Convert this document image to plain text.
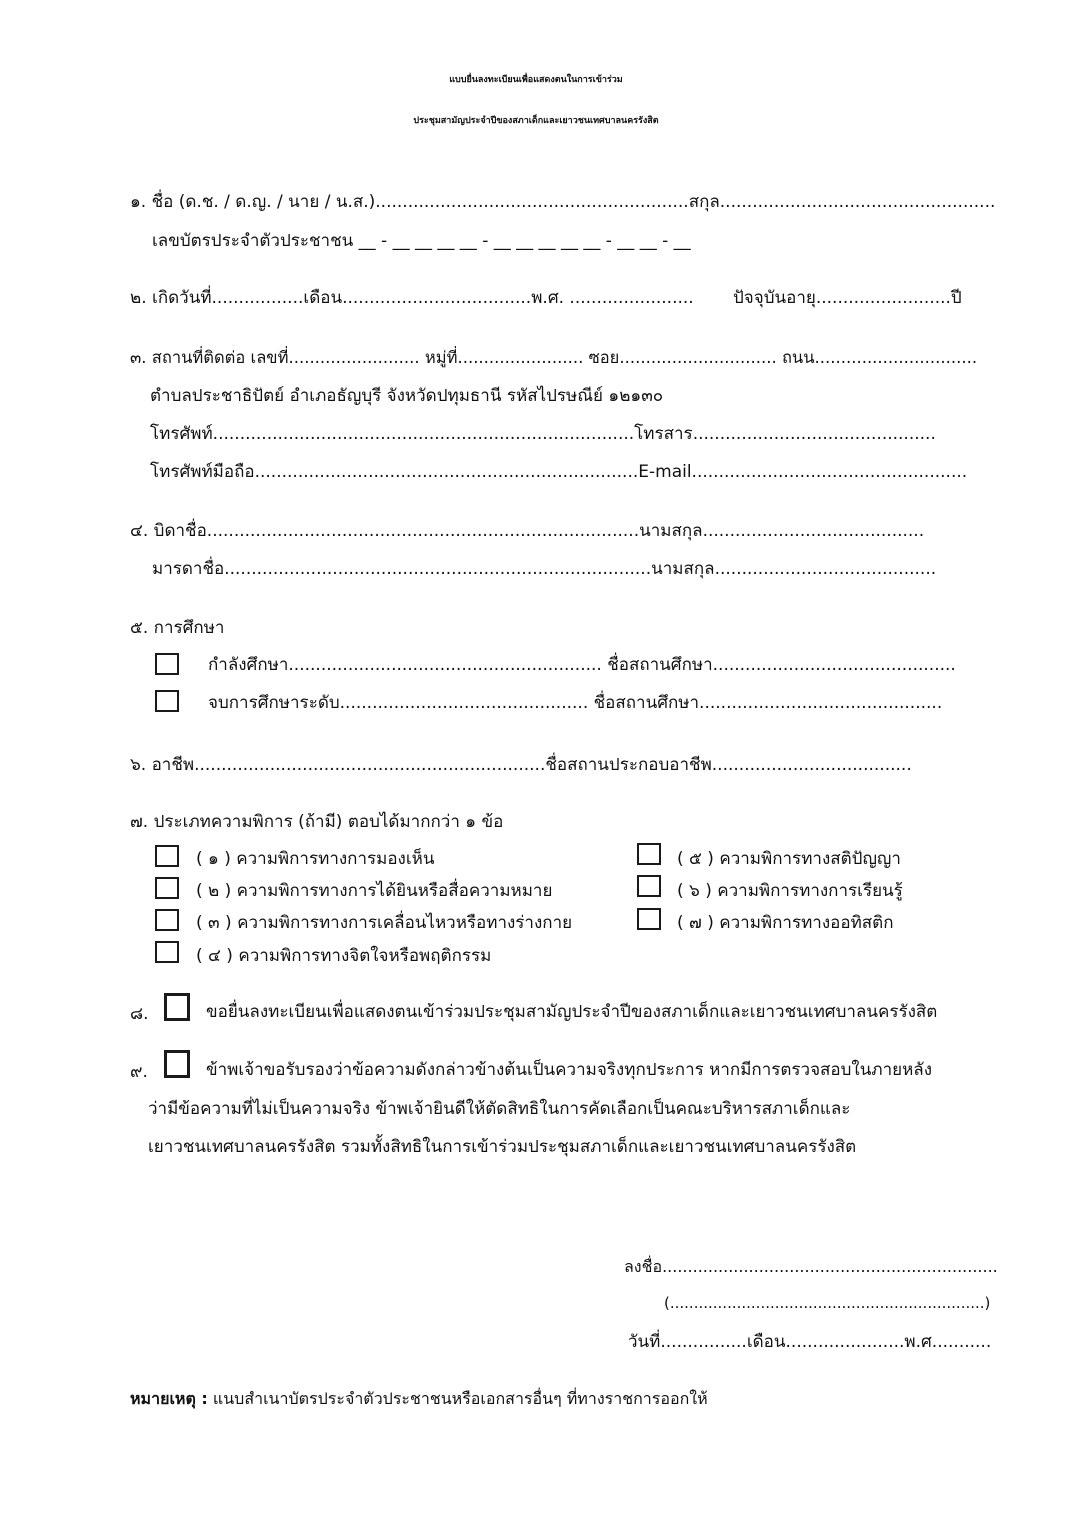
แบบยื่นลงทะเบียนเพื่อแสดงตนในการเข้าร่วม
ประชุมสามัญประจำปีของสภาเด็กและเยาวชนเทศบาลนครรังสิต
๑. ชื่อ (ด.ช. / ด.ญ. / นาย / น.ส.)..........................................................สกุล...................................................
เลขบัตรประจำตัวประชาชน __ - __ __ __ __ - __ __ __ __ __ - __ __ - __
๒. เกิดวันที่.................เดือน...................................พ.ศ. ....................... ปัจจุบันอายุ.........................ปี
๓. สถานที่ติดต่อ เลขที่......................... หมู่ที่........................ ซอย.............................. ถนน...............................
ตำบลประชาธิปัตย์ อำเภอธัญบุรี จังหวัดปทุมธานี รหัสไปรษณีย์ ๑๒๑๓๐
โทรศัพท์..............................................................................โทรสาร.............................................
โทรศัพท์มือถือ.......................................................................E-mail...................................................
๔. บิดาชื่อ................................................................................นามสกุล.........................................
มารดาชื่อ...............................................................................นามสกุล.........................................
๕. การศึกษา
กำลังศึกษา.......................................................... ชื่อสถานศึกษา.............................................
จบการศึกษาระดับ.............................................. ชื่อสถานศึกษา.............................................
๖. อาชีพ.................................................................ชื่อสถานประกอบอาชีพ.....................................
๗. ประเภทความพิการ (ถ้ามี) ตอบได้มากกว่า ๑ ข้อ
( ๑ ) ความพิการทางการมองเห็น
( ๒ ) ความพิการทางการได้ยินหรือสื่อความหมาย
( ๓ ) ความพิการทางการเคลื่อนไหวหรือทางร่างกาย
( ๔ ) ความพิการทางจิตใจหรือพฤติกรรม
( ๕ ) ความพิการทางสติปัญญา
( ๖ ) ความพิการทางการเรียนรู้
( ๗ ) ความพิการทางออทิสติก
๘.	ขอยื่นลงทะเบียนเพื่อแสดงตนเข้าร่วมประชุมสามัญประจำปีของสภาเด็กและเยาวชนเทศบาลนครรังสิต
๙.	ข้าพเจ้าขอรับรองว่าข้อความดังกล่าวข้างต้นเป็นความจริงทุกประการ หากมีการตรวจสอบในภายหลัง
ว่ามีข้อความที่ไม่เป็นความจริง ข้าพเจ้ายินดีให้ตัดสิทธิในการคัดเลือกเป็นคณะบริหารสภาเด็กและ
เยาวชนเทศบาลนครรังสิต รวมทั้งสิทธิในการเข้าร่วมประชุมสภาเด็กและเยาวชนเทศบาลนครรังสิต
ลงชื่อ..................................................................
(..................................................................)
วันที่................เดือน......................พ.ศ...........
หมายเหตุ : แนบสำเนาบัตรประจำตัวประชาชนหรือเอกสารอื่นๆ ที่ทางราชการออกให้
